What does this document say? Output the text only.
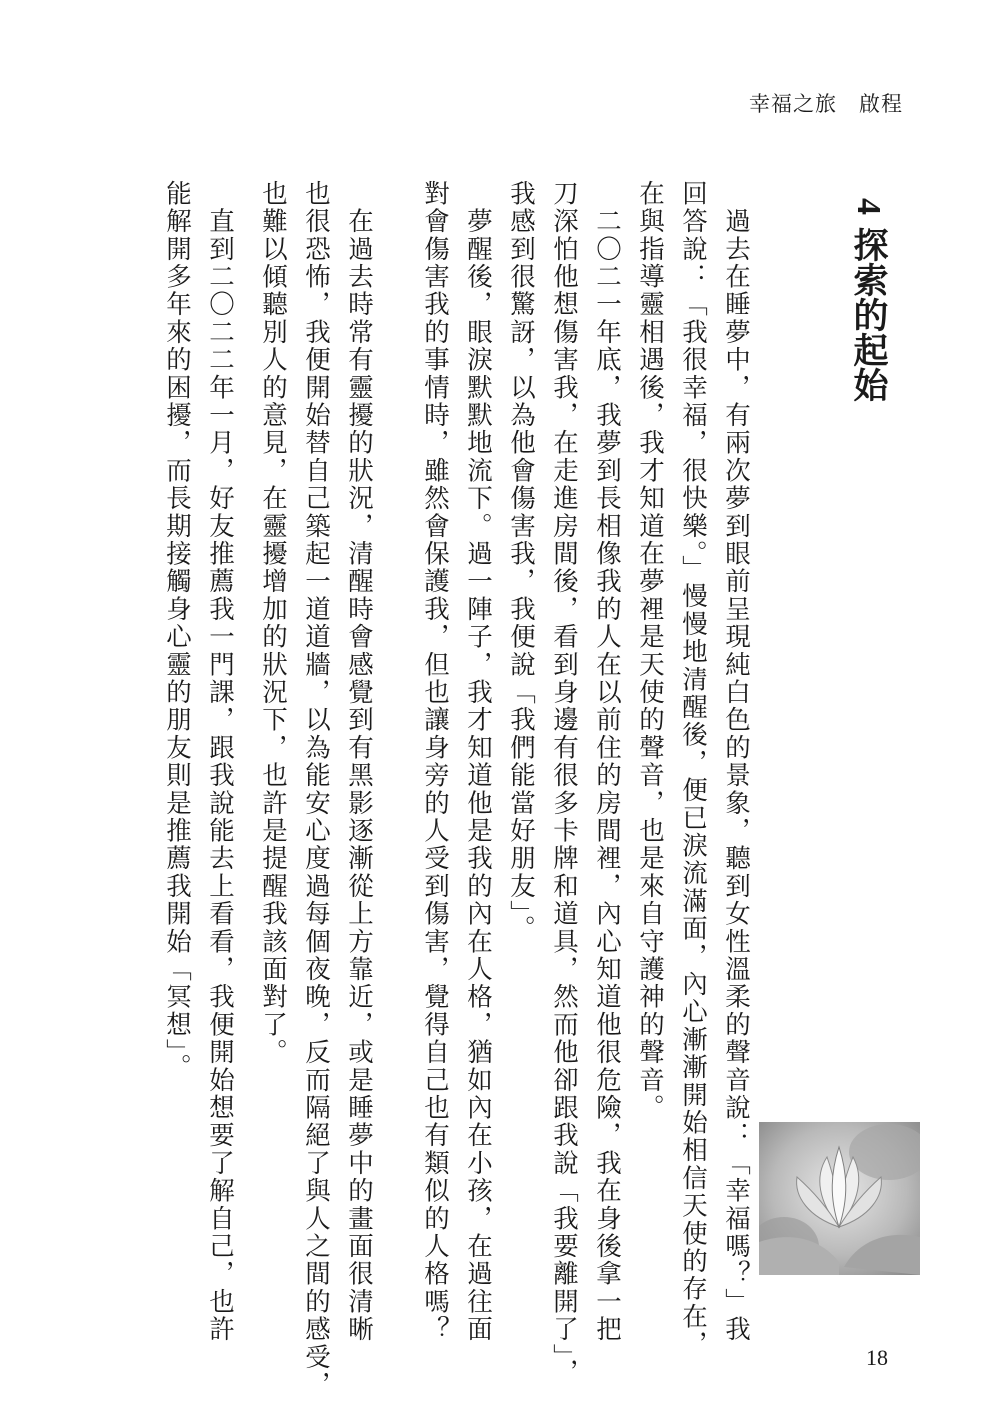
幸福之旅 啟程
4 探索的起始
　過去在睡夢中，有兩次夢到眼前呈現純白色的景象，聽到女性溫柔的聲音說：「幸福嗎？」我
回答說：「我很幸福，很快樂。」慢慢地清醒後，便已淚流滿面，內心漸漸開始相信天使的存在，
在與指導靈相遇後，我才知道在夢裡是天使的聲音，也是來自守護神的聲音。
　二〇二一年底，我夢到長相像我的人在以前住的房間裡，內心知道他很危險，我在身後拿一把
刀深怕他想傷害我，在走進房間後，看到身邊有很多卡牌和道具，然而他卻跟我說「我要離開了」，
我感到很驚訝，以為他會傷害我，我便說「我們能當好朋友」。
　夢醒後，眼淚默默地流下。過一陣子，我才知道他是我的內在人格，猶如內在小孩，在過往面
對會傷害我的事情時，雖然會保護我，但也讓身旁的人受到傷害，覺得自己也有類似的人格嗎？
　在過去時常有靈擾的狀況，清醒時會感覺到有黑影逐漸從上方靠近，或是睡夢中的畫面很清晰
也很恐怖，我便開始替自己築起一道道牆，以為能安心度過每個夜晚，反而隔絕了與人之間的感受，
也難以傾聽別人的意見，在靈擾增加的狀況下，也許是提醒我該面對了。
　直到二〇二二年一月，好友推薦我一門課，跟我說能去上看看，我便開始想要了解自己，也許
能解開多年來的困擾，而長期接觸身心靈的朋友則是推薦我開始「冥想」。
18
